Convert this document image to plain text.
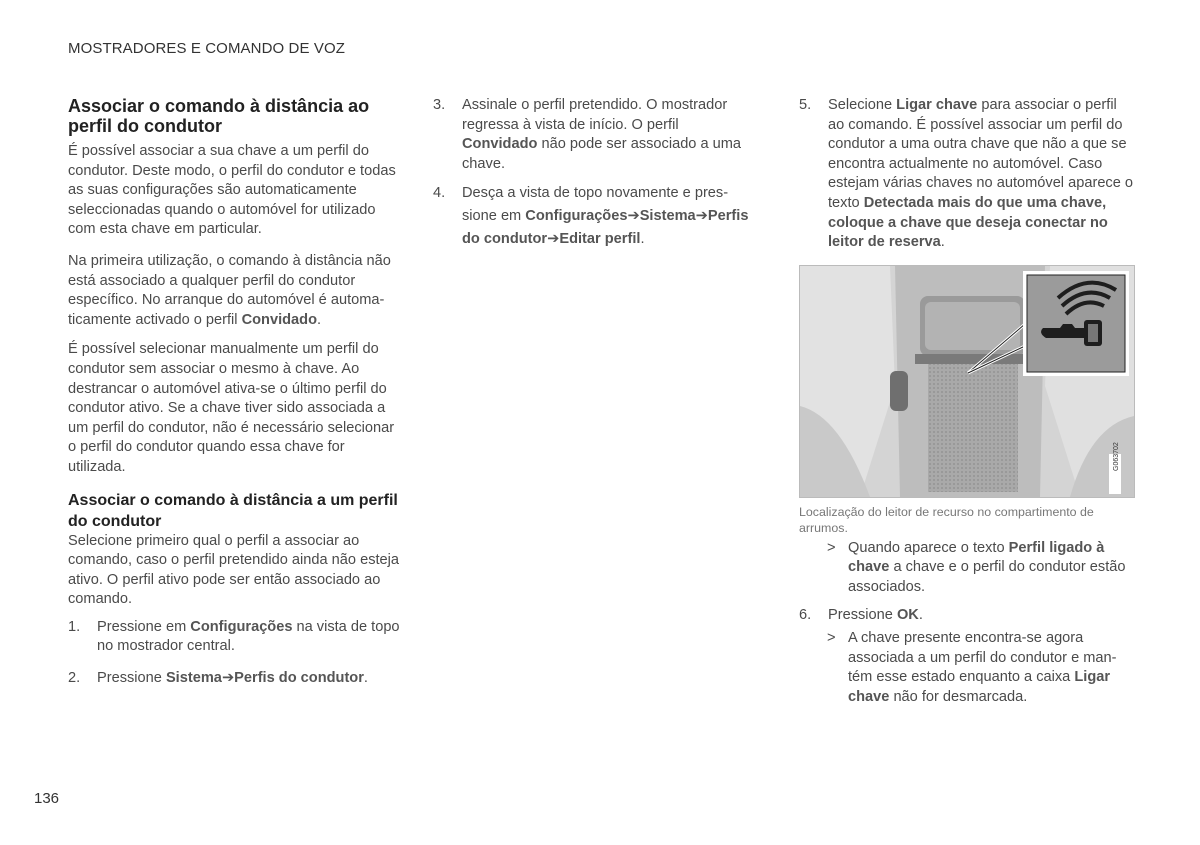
MOSTRADORES E COMANDO DE VOZ
Associar o comando à distância ao perfil do condutor

É possível associar a sua chave a um perfil do condutor. Deste modo, o perfil do condutor e todas as suas configurações são automaticamente seleccionadas quando o automóvel for utilizado com esta chave em particular.

Na primeira utilização, o comando à distância não está associado a qualquer perfil do condutor específico. No arranque do automóvel é automaticamente activado o perfil Convidado.

É possível selecionar manualmente um perfil do condutor sem associar o mesmo à chave. Ao destrancar o automóvel ativa-se o último perfil do condutor ativo. Se a chave tiver sido associada a um perfil do condutor, não é necessário selecionar o perfil do condutor quando essa chave for utilizada.

Associar o comando à distância a um perfil do condutor

Selecione primeiro qual o perfil a associar ao comando, caso o perfil pretendido ainda não esteja ativo. O perfil ativo pode ser então associado ao comando.

1. Pressione em Configurações na vista de topo no mostrador central.
2. Pressione Sistema➔Perfis do condutor.
3. Assinale o perfil pretendido. O mostrador regressa à vista de início. O perfil Convidado não pode ser associado a uma chave.
4. Desça a vista de topo novamente e pressione em Configurações➔Sistema➔Perfis do condutor➔Editar perfil.
5. Selecione Ligar chave para associar o perfil ao comando. É possível associar um perfil do condutor a uma outra chave que não a que se encontra actualmente no automóvel. Caso estejam várias chaves no automóvel aparece o texto Detectada mais do que uma chave, coloque a chave que deseja conectar no leitor de reserva.
G063702
Localização do leitor de recurso no compartimento de arrumos.
> Quando aparece o texto Perfil ligado à chave a chave e o perfil do condutor estão associados.
6. Pressione OK.
> A chave presente encontra-se agora associada a um perfil do condutor e mantém esse estado enquanto a caixa Ligar chave não for desmarcada.
136
